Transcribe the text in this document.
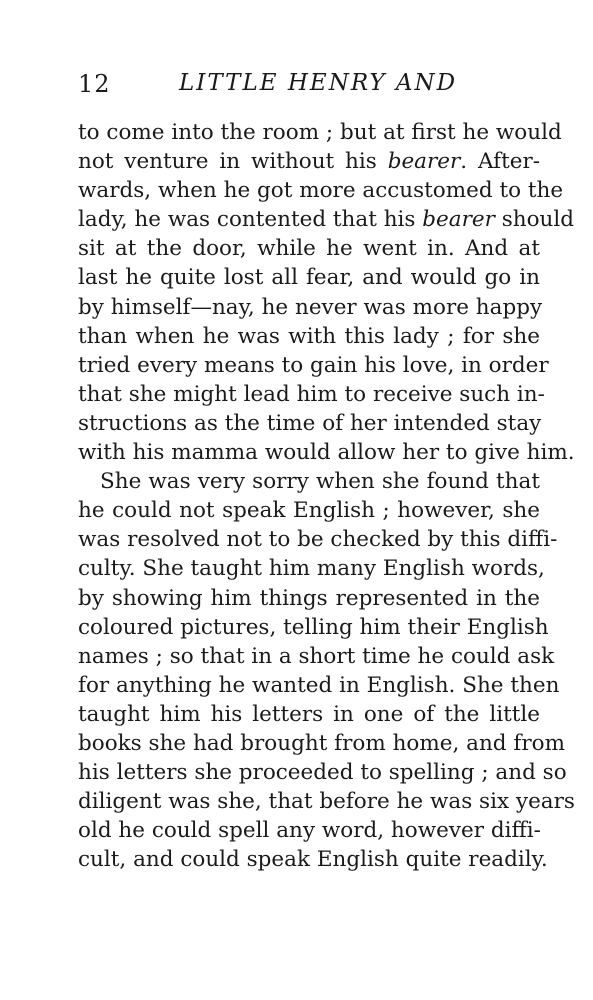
12	LITTLE HENRY AND
to come into the room ; but at first he would
not venture in without his bearer. After-
wards, when he got more accustomed to the
lady, he was contented that his bearer should
sit at the door, while he went in. And at
last he quite lost all fear, and would go in
by himself—nay, he never was more happy
than when he was with this lady ; for she
tried every means to gain his love, in order
that she might lead him to receive such in-
structions as the time of her intended stay
with his mamma would allow her to give him.
She was very sorry when she found that
he could not speak English ; however, she
was resolved not to be checked by this diffi-
culty. She taught him many English words,
by showing him things represented in the
coloured pictures, telling him their English
names ; so that in a short time he could ask
for anything he wanted in English. She then
taught him his letters in one of the little
books she had brought from home, and from
his letters she proceeded to spelling ; and so
diligent was she, that before he was six years
old he could spell any word, however diffi-
cult, and could speak English quite readily.
